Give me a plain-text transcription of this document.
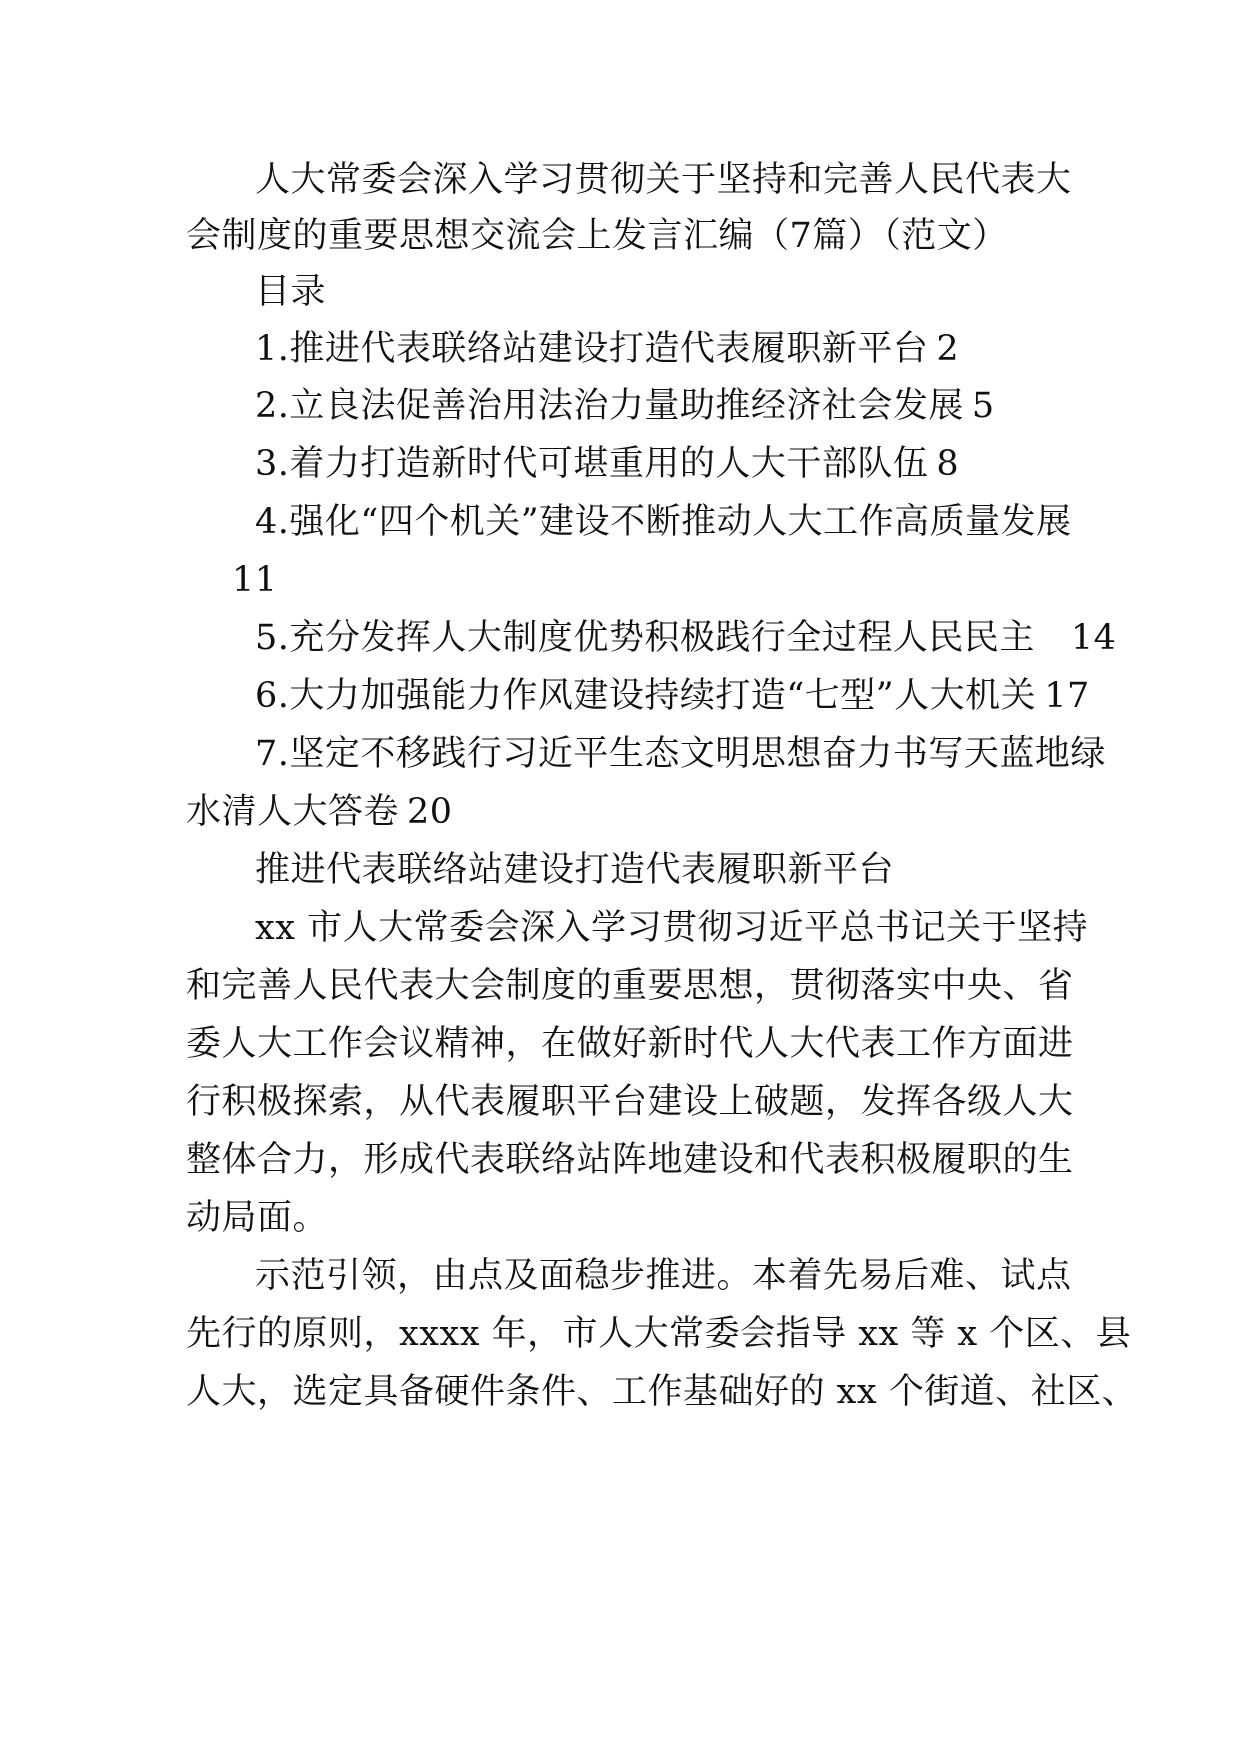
人大常委会深入学习贯彻关于坚持和完善人民代表大
会制度的重要思想交流会上发言汇编（7篇）（范文）
目录
1.推进代表联络站建设打造代表履职新平台 2
2.立良法促善治用法治力量助推经济社会发展 5
3.着力打造新时代可堪重用的人大干部队伍 8
4.强化“四个机关”建设不断推动人大工作高质量发展
11
5.充分发挥人大制度优势积极践行全过程人民民主 14
6.大力加强能力作风建设持续打造“七型”人大机关 17
7.坚定不移践行习近平生态文明思想奋力书写天蓝地绿
水清人大答卷 20
推进代表联络站建设打造代表履职新平台
xx 市人大常委会深入学习贯彻习近平总书记关于坚持
和完善人民代表大会制度的重要思想，贯彻落实中央、省
委人大工作会议精神，在做好新时代人大代表工作方面进
行积极探索，从代表履职平台建设上破题，发挥各级人大
整体合力，形成代表联络站阵地建设和代表积极履职的生
动局面。
示范引领，由点及面稳步推进。本着先易后难、试点
先行的原则，xxxx 年，市人大常委会指导 xx 等 x 个区、县
人大，选定具备硬件条件、工作基础好的 xx 个街道、社区、
